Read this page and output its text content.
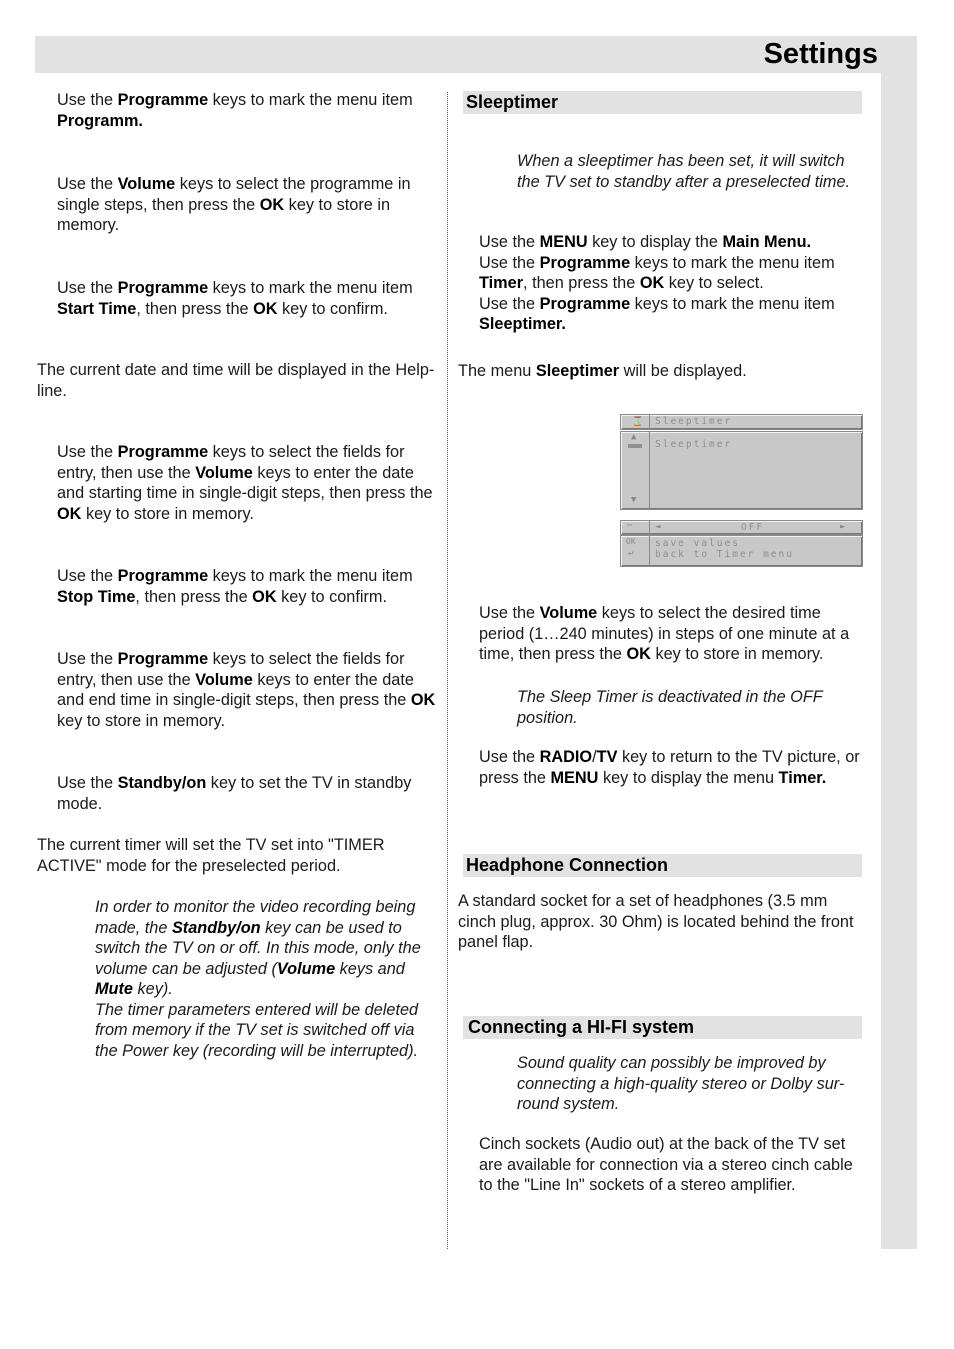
Settings
Use the Programme keys to mark the menu item Programm.
Use the Volume keys to select the programme in single steps, then press the OK key to store in memory.
Use the Programme keys to mark the menu item Start Time, then press the OK key to confirm.
The current date and time will be displayed in the Help-line.
Use the Programme keys to select the fields for entry, then use the Volume keys to enter the date and starting time in single-digit steps, then press the OK key to store in memory.
Use the Programme keys to mark the menu item Stop Time, then press the OK key to confirm.
Use the Programme keys to select the fields for entry, then use the Volume keys to enter the date and end time in single-digit steps, then press the OK key to store in memory.
Use the Standby/on key to set the TV in standby mode.
The current timer will set the TV set into "TIMER ACTIVE" mode for the preselected period.
In order to monitor the video recording being made, the Standby/on key can be used to switch the TV on or off. In this mode, only the volume can be adjusted (Volume keys and Mute key).
The timer parameters entered will be deleted from memory if the TV set is switched off via the Power key (recording will be interrupted).
Sleeptimer
When a sleeptimer has been set, it will switch the TV set to standby after a preselected time.
Use the MENU key to display the Main Menu.
Use the Programme keys to mark the menu item Timer, then press the OK key to select.
Use the Programme keys to mark the menu item Sleeptimer.
The menu Sleeptimer will be displayed.
⌛ Sleeptimer
▲
▼
Sleeptimer
✂	◄	OFF	►
OK
↩
save values
back to Timer menu
Use the Volume keys to select the desired time period (1…240 minutes) in steps of one minute at a time, then press the OK key to store in memory.
The Sleep Timer is deactivated in the OFF position.
Use the RADIO/TV key to return to the TV picture, or press the MENU key to display the menu Timer.
Headphone Connection
A standard socket for a set of headphones (3.5 mm cinch plug, approx. 30 Ohm) is located behind the front panel flap.
Connecting a HI-FI system
Sound quality can possibly be improved by connecting a high-quality stereo or Dolby sur-round system.
Cinch sockets (Audio out) at the back of the TV set are available for connection via a stereo cinch cable to the "Line In" sockets of a stereo amplifier.
